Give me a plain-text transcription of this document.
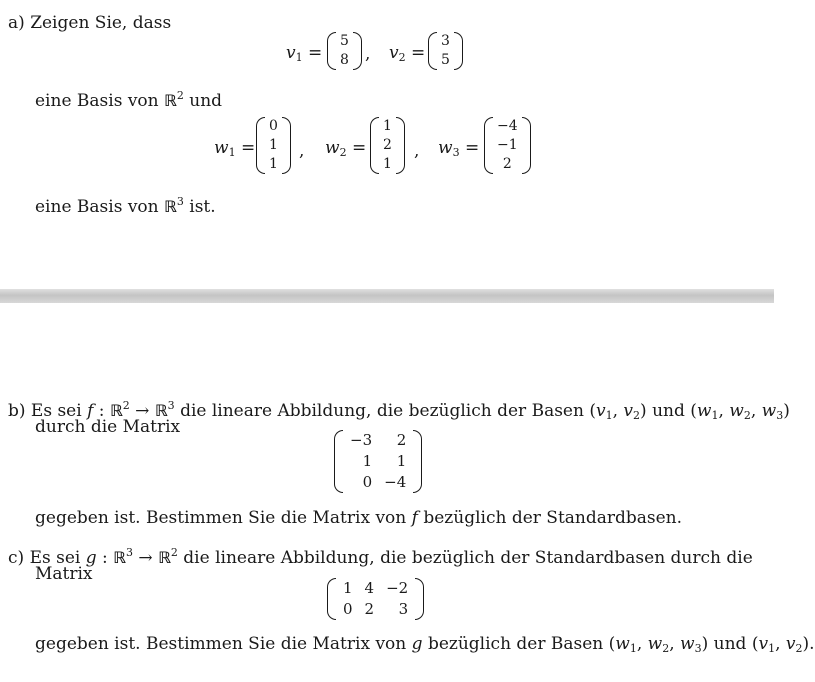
a) Zeigen Sie, dass
$v_1$ =
5
8 , $v_2$ =
3
5
eine Basis von ℝ$^2$ und
$w_1$ =
0
1
1
, $w_2$ =
1
2
1
, $w_3$ =
−4
−1
2
eine Basis von ℝ$^3$ ist.
b) Es sei f : ℝ$^2$ → ℝ$^3$ die lineare Abbildung, die bezüglich der Basen ($v_1$, $v_2$) und ($w_1$, $w_2$, $w_3$)
durch die Matrix
−3	2
1	1
0	−4
gegeben ist. Bestimmen Sie die Matrix von f bezüglich der Standardbasen.
c) Es sei g : ℝ$^3$ → ℝ$^2$ die lineare Abbildung, die bezüglich der Standardbasen durch die
Matrix
1	4	−2
0	2	3
gegeben ist. Bestimmen Sie die Matrix von g bezüglich der Basen ($w_1$, $w_2$, $w_3$) und ($v_1$, $v_2$).
